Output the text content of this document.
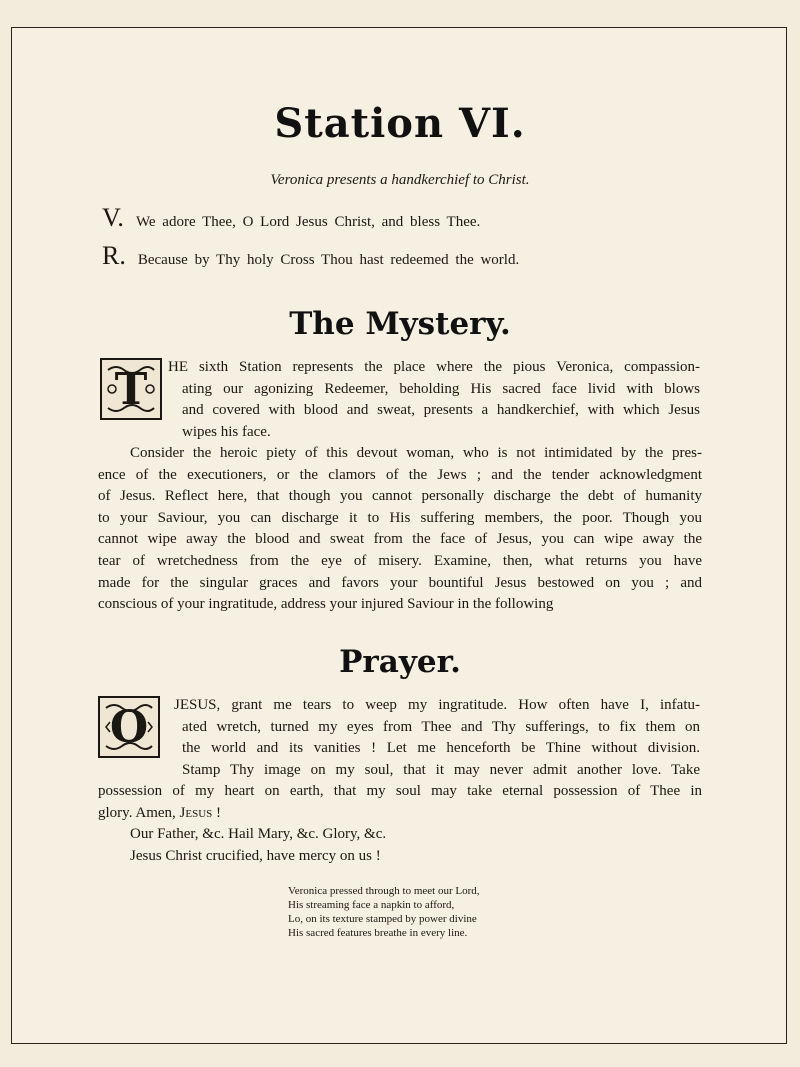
Station VI.
Veronica presents a handkerchief to Christ.
V. We adore Thee, O Lord Jesus Christ, and bless Thee.
R. Because by Thy holy Cross Thou hast redeemed the world.
The Mystery.
T	HE sixth Station represents the place where the pious Veronica, compassion-
ating our agonizing Redeemer, beholding His sacred face livid with blows
and covered with blood and sweat, presents a handkerchief, with which Jesus
wipes his face.
Consider the heroic piety of this devout woman, who is not intimidated by the pres-
ence of the executioners, or the clamors of the Jews ; and the tender acknowledgment
of Jesus. Reflect here, that though you cannot personally discharge the debt of humanity
to your Saviour, you can discharge it to His suffering members, the poor. Though you
cannot wipe away the blood and sweat from the face of Jesus, you can wipe away the
tear of wretchedness from the eye of misery. Examine, then, what returns you have
made for the singular graces and favors your bountiful Jesus bestowed on you ; and
conscious of your ingratitude, address your injured Saviour in the following
Prayer.
O	JESUS, grant me tears to weep my ingratitude. How often have I, infatu-
ated wretch, turned my eyes from Thee and Thy sufferings, to fix them on
the world and its vanities ! Let me henceforth be Thine without division.
Stamp Thy image on my soul, that it may never admit another love. Take
possession of my heart on earth, that my soul may take eternal possession of Thee in
glory. Amen, Jesus !
Our Father, &c. Hail Mary, &c. Glory, &c.
Jesus Christ crucified, have mercy on us !
Veronica pressed through to meet our Lord,
His streaming face a napkin to afford,
Lo, on its texture stamped by power divine
His sacred features breathe in every line.
